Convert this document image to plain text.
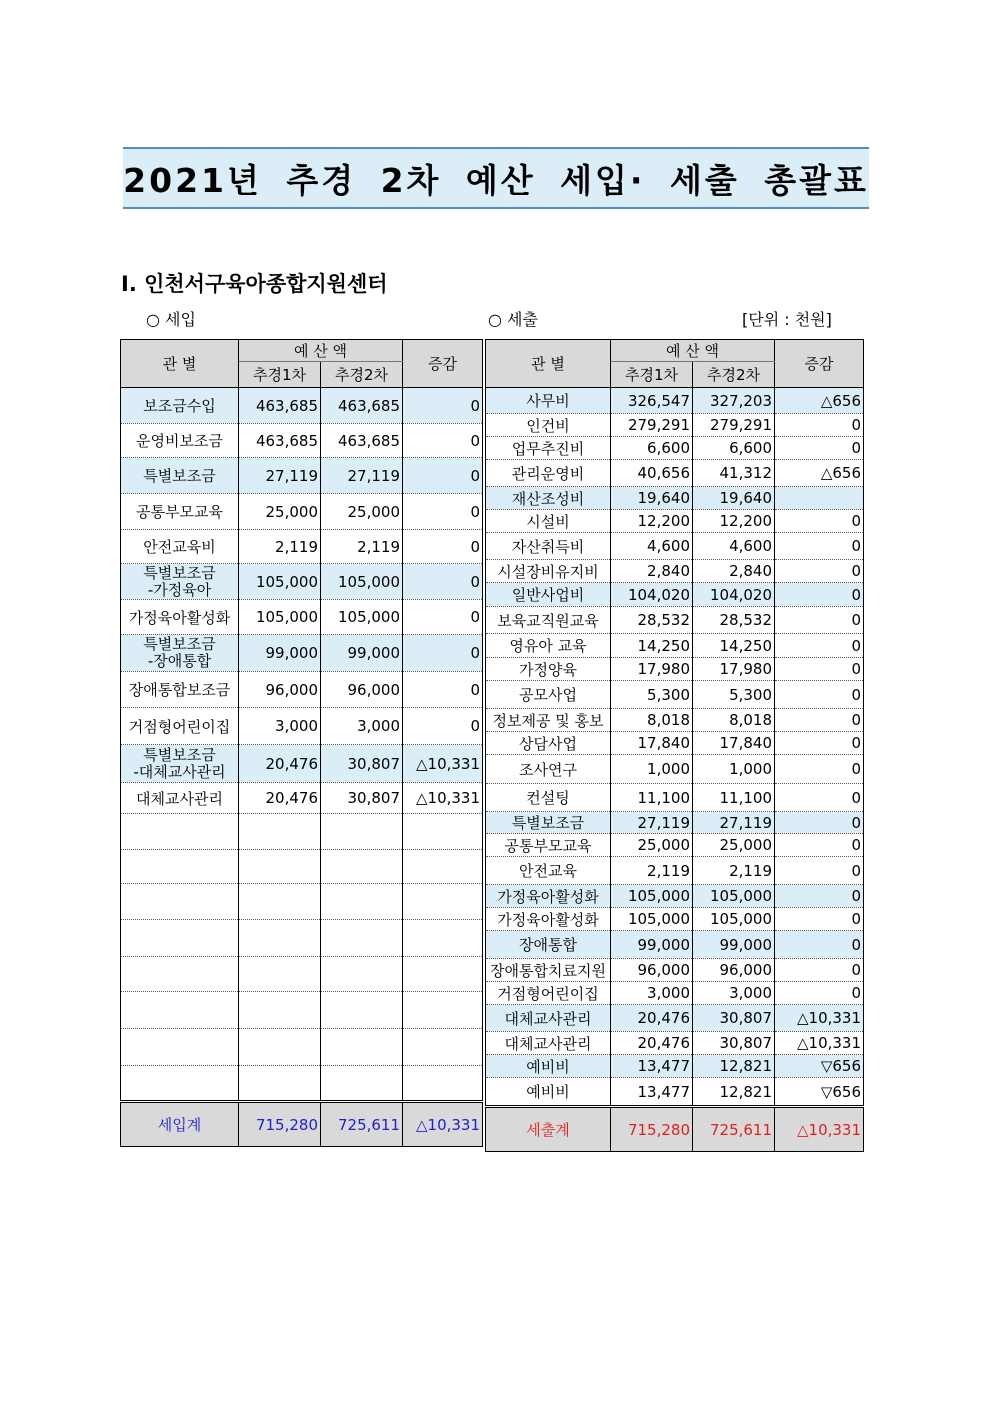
2021년 추경 2차 예산 세입· 세출 총괄표
Ⅰ. 인천서구육아종합지원센터
○ 세입	○ 세출	[단위 : 천원]
관 별	예 산 액		증감
	추경1차	추경2차	
보조금수입	463,685	463,685	0
운영비보조금	463,685	463,685	0
특별보조금	27,119	27,119	0
공통부모교육	25,000	25,000	0
안전교육비	2,119	2,119	0
특별보조금
-가정육아	105,000	105,000	0
가정육아활성화	105,000	105,000	0
특별보조금
-장애통합	99,000	99,000	0
장애통합보조금	96,000	96,000	0
거점형어린이집	3,000	3,000	0
특별보조금
-대체교사관리	20,476	30,807	△10,331
대체교사관리	20,476	30,807	△10,331

세입계	715,280	725,611	△10,331
관 별	예 산 액		증감
	추경1차	추경2차	
사무비	326,547	327,203	△656
인건비	279,291	279,291	0
업무추진비	6,600	6,600	0
관리운영비	40,656	41,312	△656
재산조성비	19,640	19,640	
시설비	12,200	12,200	0
자산취득비	4,600	4,600	0
시설장비유지비	2,840	2,840	0
일반사업비	104,020	104,020	0
보육교직원교육	28,532	28,532	0
영유아 교육	14,250	14,250	0
가정양육	17,980	17,980	0
공모사업	5,300	5,300	0
정보제공 및 홍보	8,018	8,018	0
상담사업	17,840	17,840	0
조사연구	1,000	1,000	0
컨설팅	11,100	11,100	0
특별보조금	27,119	27,119	0
공통부모교육	25,000	25,000	0
안전교육	2,119	2,119	0
가정육아활성화	105,000	105,000	0
가정육아활성화	105,000	105,000	0
장애통합	99,000	99,000	0
장애통합치료지원	96,000	96,000	0
거점형어린이집	3,000	3,000	0
대체교사관리	20,476	30,807	△10,331
대체교사관리	20,476	30,807	△10,331
예비비	13,477	12,821	▽656
예비비	13,477	12,821	▽656
세출계	715,280	725,611	△10,331
